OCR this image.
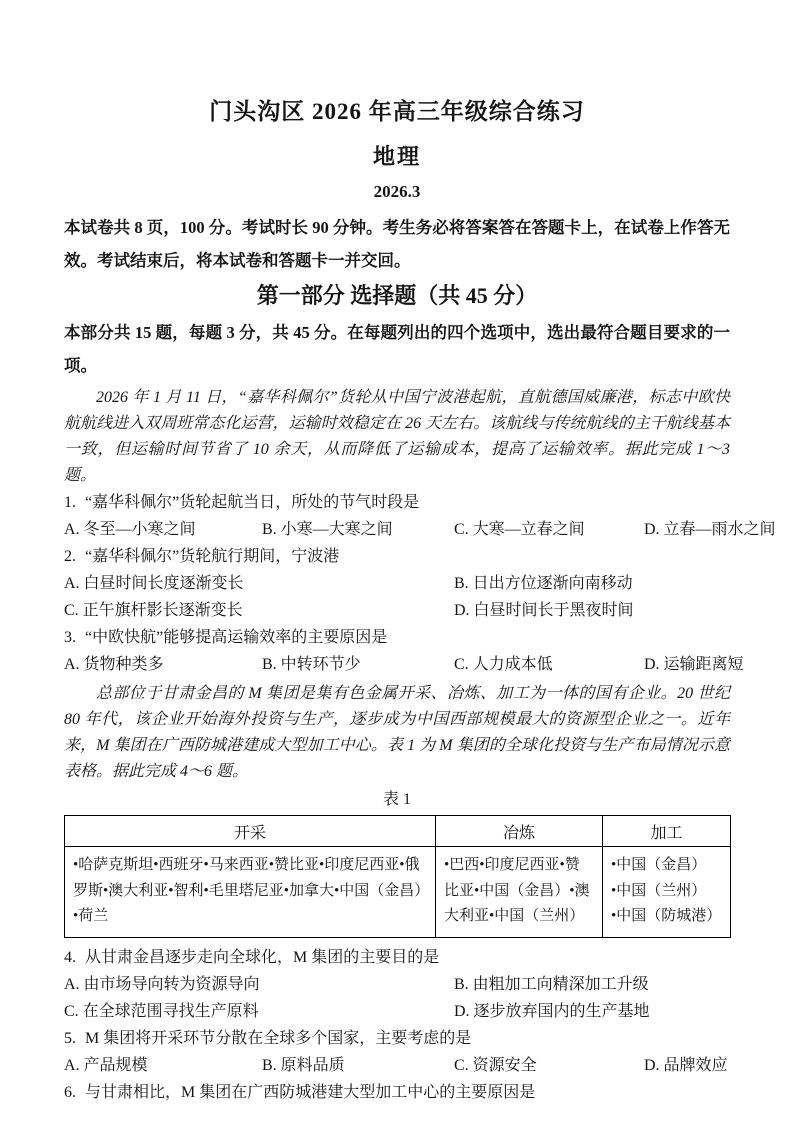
门头沟区 2026 年高三年级综合练习
地理
2026.3

本试卷共 8 页，100 分。考试时长 90 分钟。考生务必将答案答在答题卡上，在试卷上作答无效。考试结束后，将本试卷和答题卡一并交回。

第一部分 选择题（共 45 分）

本部分共 15 题，每题 3 分，共 45 分。在每题列出的四个选项中，选出最符合题目要求的一项。

2026 年 1 月 11 日，“嘉华科佩尔”货轮从中国宁波港起航，直航德国威廉港，标志中欧快航航线进入双周班常态化运营，运输时效稳定在 26 天左右。该航线与传统航线的主干航线基本一致，但运输时间节省了 10 余天，从而降低了运输成本，提高了运输效率。据此完成 1～3 题。

1. “嘉华科佩尔”货轮起航当日，所处的节气时段是
A. 冬至—小寒之间	B. 小寒—大寒之间	C. 大寒—立春之间	D. 立春—雨水之间
2. “嘉华科佩尔”货轮航行期间，宁波港
A. 白昼时间长度逐渐变长	B. 日出方位逐渐向南移动
C. 正午旗杆影长逐渐变长	D. 白昼时间长于黑夜时间
3. “中欧快航”能够提高运输效率的主要原因是
A. 货物种类多	B. 中转环节少	C. 人力成本低	D. 运输距离短

总部位于甘肃金昌的 M 集团是集有色金属开采、冶炼、加工为一体的国有企业。20 世纪 80 年代，该企业开始海外投资与生产，逐步成为中国西部规模最大的资源型企业之一。近年来，M 集团在广西防城港建成大型加工中心。表 1 为 M 集团的全球化投资与生产布局情况示意表格。据此完成 4～6 题。

表 1
开采	冶炼	加工
•哈萨克斯坦•西班牙•马来西亚•赞比亚•印度尼西亚•俄罗斯•澳大利亚•智利•毛里塔尼亚•加拿大•中国（金昌）•荷兰	•巴西•印度尼西亚•赞比亚•中国（金昌）•澳大利亚•中国（兰州）	•中国（金昌）
•中国（兰州）
•中国（防城港）
4. 从甘肃金昌逐步走向全球化，M 集团的主要目的是
A. 由市场导向转为资源导向	B. 由粗加工向精深加工升级
C. 在全球范围寻找生产原料	D. 逐步放弃国内的生产基地
5. M 集团将开采环节分散在全球多个国家，主要考虑的是
A. 产品规模	B. 原料品质	C. 资源安全	D. 品牌效应
6. 与甘肃相比，M 集团在广西防城港建大型加工中心的主要原因是
